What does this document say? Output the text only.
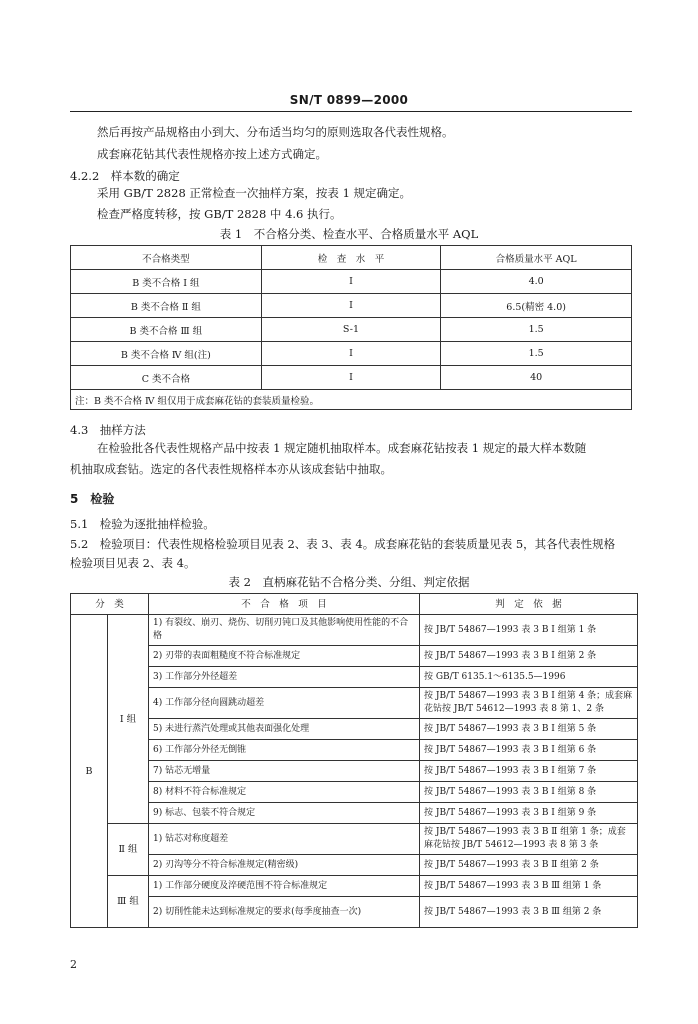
SN/T 0899—2000
然后再按产品规格由小到大、分布适当均匀的原则选取各代表性规格。
成套麻花钻其代表性规格亦按上述方式确定。
4.2.2　样本数的确定
采用 GB/T 2828 正常检查一次抽样方案，按表 1 规定确定。
检查严格度转移，按 GB/T 2828 中 4.6 执行。
表 1　不合格分类、检查水平、合格质量水平 AQL
不合格类型	检　查　水　平	合格质量水平 AQL
B 类不合格 Ⅰ 组	Ⅰ	4.0
B 类不合格 Ⅱ 组	Ⅰ	6.5(精密 4.0)
B 类不合格 Ⅲ 组	S-1	1.5
B 类不合格 Ⅳ 组(注)	Ⅰ	1.5
C 类不合格	Ⅰ	40
注：B 类不合格 Ⅳ 组仅用于成套麻花钻的套装质量检验。		
4.3　抽样方法
在检验批各代表性规格产品中按表 1 规定随机抽取样本。成套麻花钻按表 1 规定的最大样本数随
机抽取成套钻。选定的各代表性规格样本亦从该成套钻中抽取。
5　检验
5.1　检验为逐批抽样检验。
5.2　检验项目：代表性规格检验项目见表 2、表 3、表 4。成套麻花钻的套装质量见表 5，其各代表性规格
检验项目见表 2、表 4。
表 2　直柄麻花钻不合格分类、分组、判定依据
分　类		不　合　格　项　目	判　定　依　据
B	Ⅰ 组	1) 有裂纹、崩刃、烧伤、切削刃钝口及其他影响使用性能的不合格	按 JB/T 54867—1993 表 3 B Ⅰ 组第 1 条
		2) 刃带的表面粗糙度不符合标准规定	按 JB/T 54867—1993 表 3 B Ⅰ 组第 2 条
		3) 工作部分外径超差	按 GB/T 6135.1～6135.5—1996
		4) 工作部分径向圆跳动超差	按 JB/T 54867—1993 表 3 B Ⅰ 组第 4 条；成套麻花钻按 JB/T 54612—1993 表 8 第 1、2 条
		5) 未进行蒸汽处理或其他表面强化处理	按 JB/T 54867—1993 表 3 B Ⅰ 组第 5 条
		6) 工作部分外径无倒锥	按 JB/T 54867—1993 表 3 B Ⅰ 组第 6 条
		7) 钻芯无增量	按 JB/T 54867—1993 表 3 B Ⅰ 组第 7 条
		8) 材料不符合标准规定	按 JB/T 54867—1993 表 3 B Ⅰ 组第 8 条
		9) 标志、包装不符合规定	按 JB/T 54867—1993 表 3 B Ⅰ 组第 9 条
	Ⅱ 组	1) 钻芯对称度超差	按 JB/T 54867—1993 表 3 B Ⅱ 组第 1 条；成套麻花钻按 JB/T 54612—1993 表 8 第 3 条
		2) 刃沟等分不符合标准规定(精密级)	按 JB/T 54867—1993 表 3 B Ⅱ 组第 2 条
	Ⅲ 组	1) 工作部分硬度及淬硬范围不符合标准规定	按 JB/T 54867—1993 表 3 B Ⅲ 组第 1 条
		2) 切削性能未达到标准规定的要求(每季度抽查一次)	按 JB/T 54867—1993 表 3 B Ⅲ 组第 2 条
2
